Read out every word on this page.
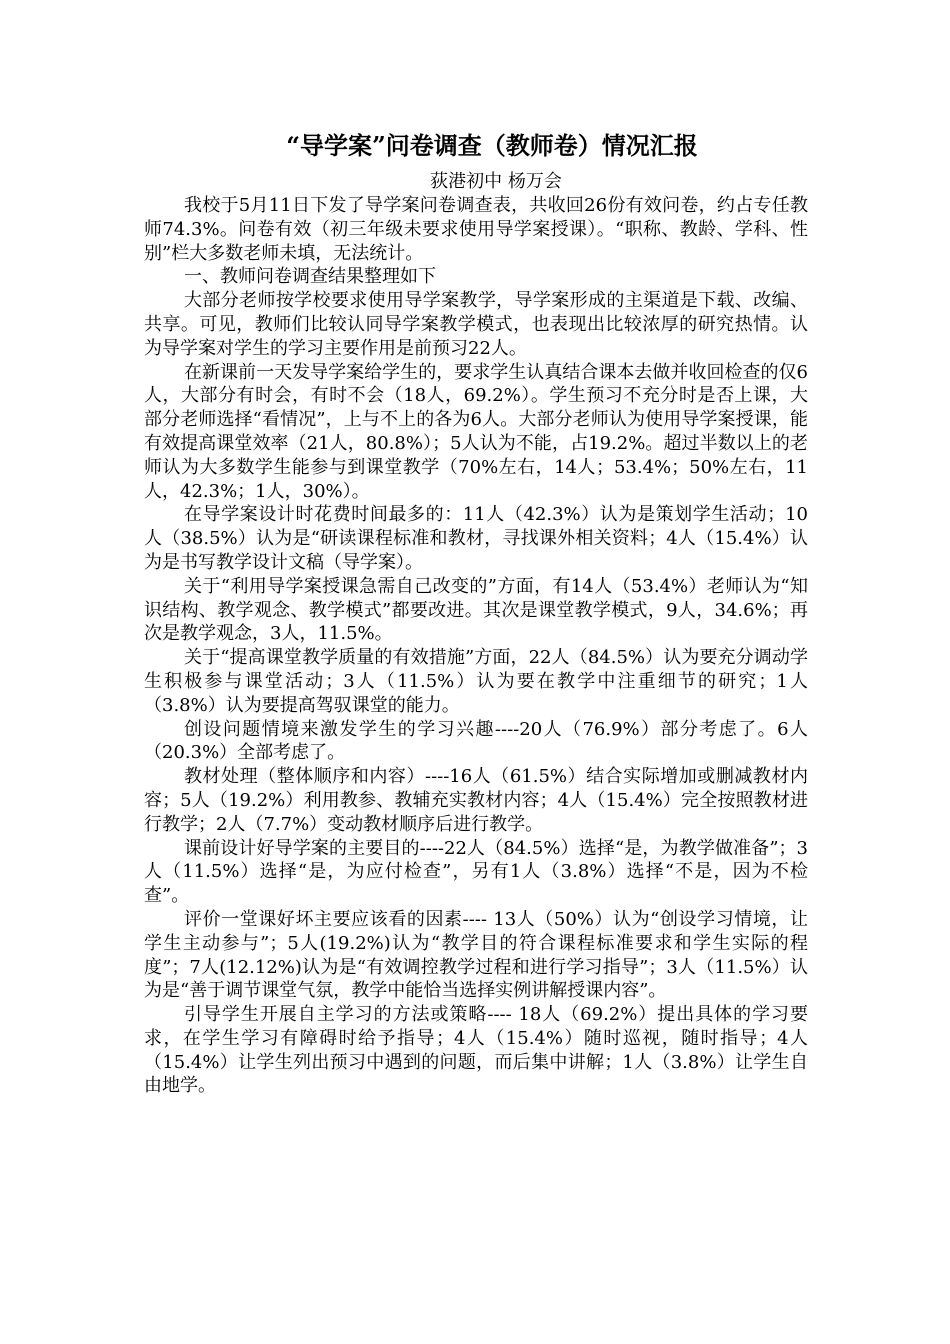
“导学案”问卷调查（教师卷）情况汇报
荻港初中 杨万会
我校于5月11日下发了导学案问卷调查表，共收回26份有效问卷，约占专任教师74.3%。问卷有效（初三年级未要求使用导学案授课）。“职称、教龄、学科、性别”栏大多数老师未填，无法统计。
一、教师问卷调查结果整理如下
大部分老师按学校要求使用导学案教学，导学案形成的主渠道是下载、改编、共享。可见，教师们比较认同导学案教学模式，也表现出比较浓厚的研究热情。认为导学案对学生的学习主要作用是前预习22人。
在新课前一天发导学案给学生的，要求学生认真结合课本去做并收回检查的仅6人，大部分有时会，有时不会（18人，69.2%）。学生预习不充分时是否上课，大部分老师选择“看情况”，上与不上的各为6人。大部分老师认为使用导学案授课，能有效提高课堂效率（21人，80.8%）；5人认为不能，占19.2%。超过半数以上的老师认为大多数学生能参与到课堂教学（70%左右，14人；53.4%；50%左右，11人，42.3%；1人，30%）。
在导学案设计时花费时间最多的：11人（42.3%）认为是策划学生活动；10人（38.5%）认为是“研读课程标准和教材，寻找课外相关资料；4人（15.4%）认为是书写教学设计文稿（导学案）。
关于“利用导学案授课急需自己改变的”方面，有14人（53.4%）老师认为“知识结构、教学观念、教学模式”都要改进。其次是课堂教学模式，9人，34.6%；再次是教学观念，3人，11.5%。
关于“提高课堂教学质量的有效措施”方面，22人（84.5%）认为要充分调动学生积极参与课堂活动；3人（11.5%）认为要在教学中注重细节的研究；1人（3.8%）认为要提高驾驭课堂的能力。
创设问题情境来激发学生的学习兴趣----20人（76.9%）部分考虑了。6人（20.3%）全部考虑了。
教材处理（整体顺序和内容）----16人（61.5%）结合实际增加或删减教材内容；5人（19.2%）利用教参、教辅充实教材内容；4人（15.4%）完全按照教材进行教学；2人（7.7%）变动教材顺序后进行教学。
课前设计好导学案的主要目的----22人（84.5%）选择“是，为教学做准备”；3人（11.5%）选择“是，为应付检查”，另有1人（3.8%）选择“不是，因为不检查”。
评价一堂课好坏主要应该看的因素---- 13人（50%）认为“创设学习情境，让学生主动参与”；5人(19.2%)认为“教学目的符合课程标准要求和学生实际的程度”；7人(12.12%)认为是“有效调控教学过程和进行学习指导”；3人（11.5%）认为是“善于调节课堂气氛，教学中能恰当选择实例讲解授课内容”。
引导学生开展自主学习的方法或策略---- 18人（69.2%）提出具体的学习要求，在学生学习有障碍时给予指导；4人（15.4%）随时巡视，随时指导；4人（15.4%）让学生列出预习中遇到的问题，而后集中讲解；1人（3.8%）让学生自由地学。
